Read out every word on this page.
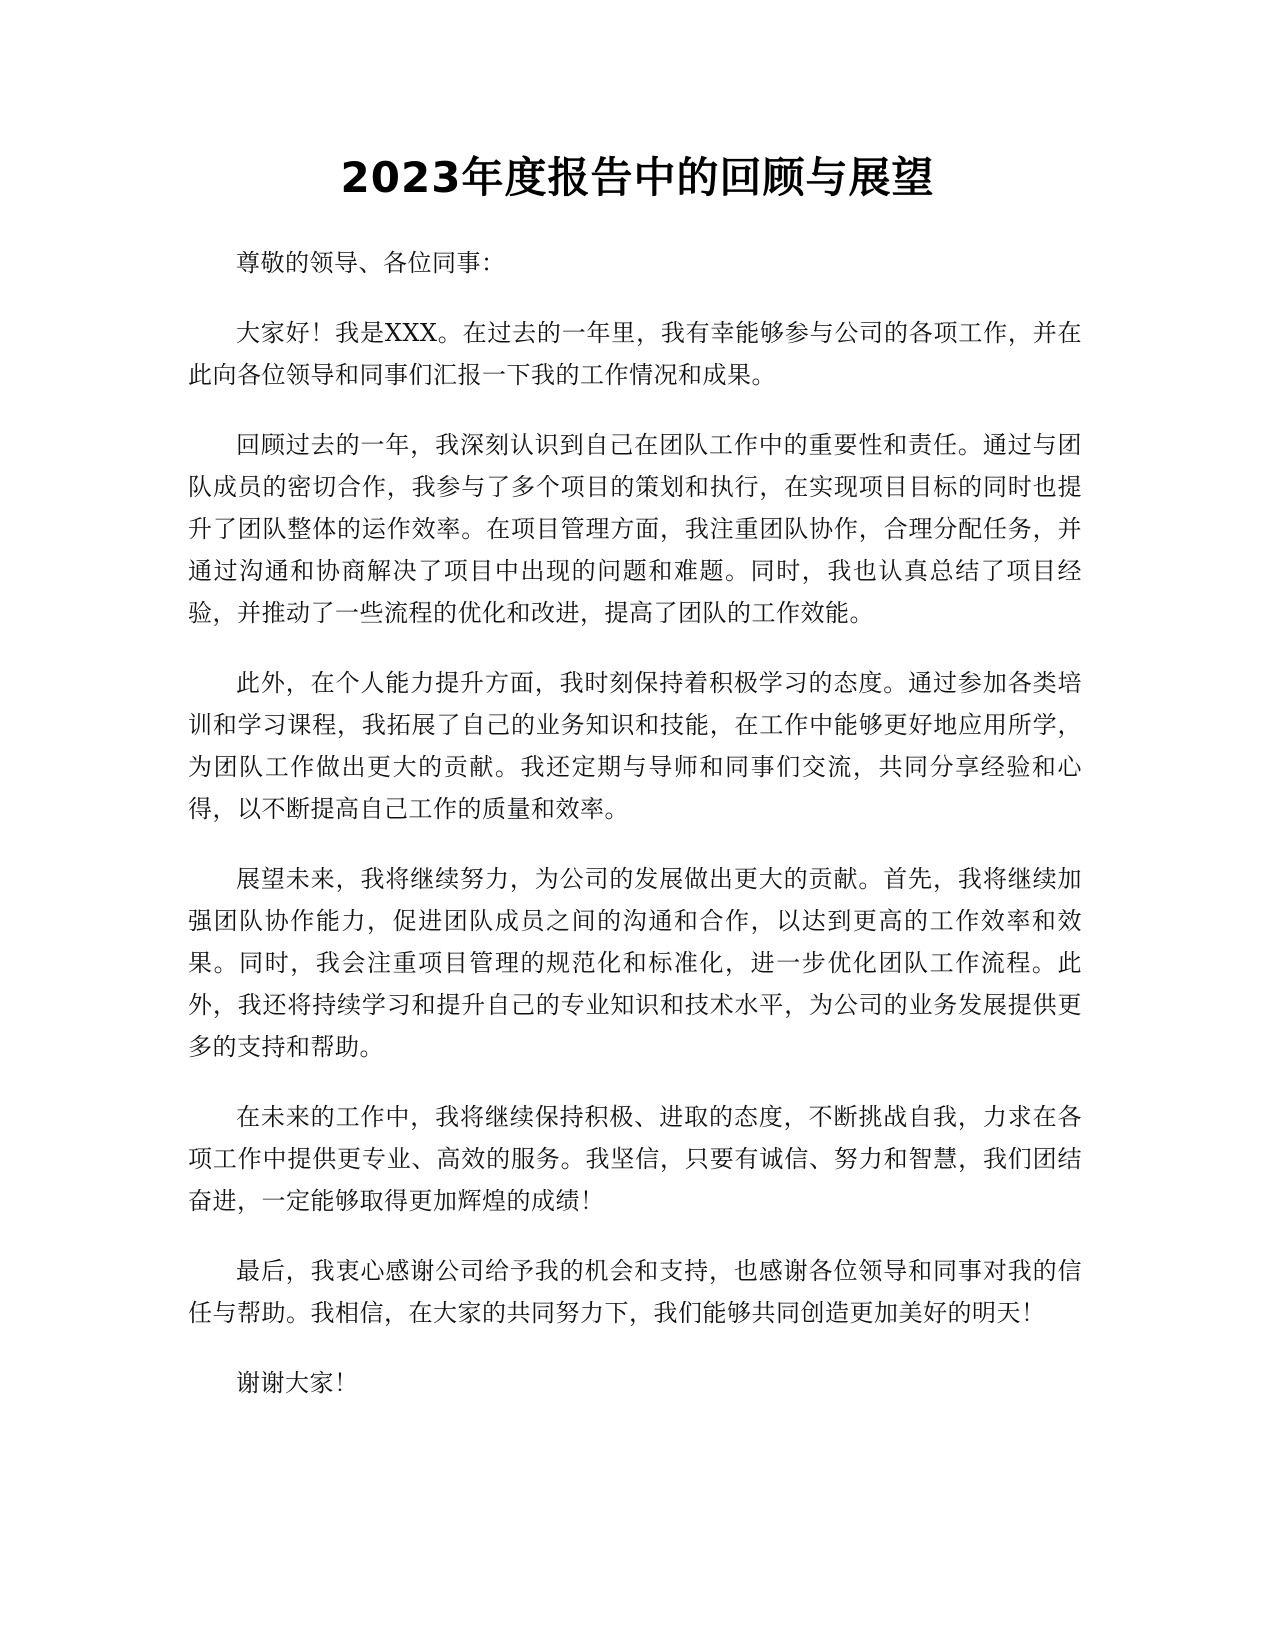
2023年度报告中的回顾与展望

尊敬的领导、各位同事：

大家好！我是XXX。在过去的一年里，我有幸能够参与公司的各项工作，并在此向各位领导和同事们汇报一下我的工作情况和成果。

回顾过去的一年，我深刻认识到自己在团队工作中的重要性和责任。通过与团队成员的密切合作，我参与了多个项目的策划和执行，在实现项目目标的同时也提升了团队整体的运作效率。在项目管理方面，我注重团队协作，合理分配任务，并通过沟通和协商解决了项目中出现的问题和难题。同时，我也认真总结了项目经验，并推动了一些流程的优化和改进，提高了团队的工作效能。

此外，在个人能力提升方面，我时刻保持着积极学习的态度。通过参加各类培训和学习课程，我拓展了自己的业务知识和技能，在工作中能够更好地应用所学，为团队工作做出更大的贡献。我还定期与导师和同事们交流，共同分享经验和心得，以不断提高自己工作的质量和效率。

展望未来，我将继续努力，为公司的发展做出更大的贡献。首先，我将继续加强团队协作能力，促进团队成员之间的沟通和合作，以达到更高的工作效率和效果。同时，我会注重项目管理的规范化和标准化，进一步优化团队工作流程。此外，我还将持续学习和提升自己的专业知识和技术水平，为公司的业务发展提供更多的支持和帮助。

在未来的工作中，我将继续保持积极、进取的态度，不断挑战自我，力求在各项工作中提供更专业、高效的服务。我坚信，只要有诚信、努力和智慧，我们团结奋进，一定能够取得更加辉煌的成绩！

最后，我衷心感谢公司给予我的机会和支持，也感谢各位领导和同事对我的信任与帮助。我相信，在大家的共同努力下，我们能够共同创造更加美好的明天！

谢谢大家！
